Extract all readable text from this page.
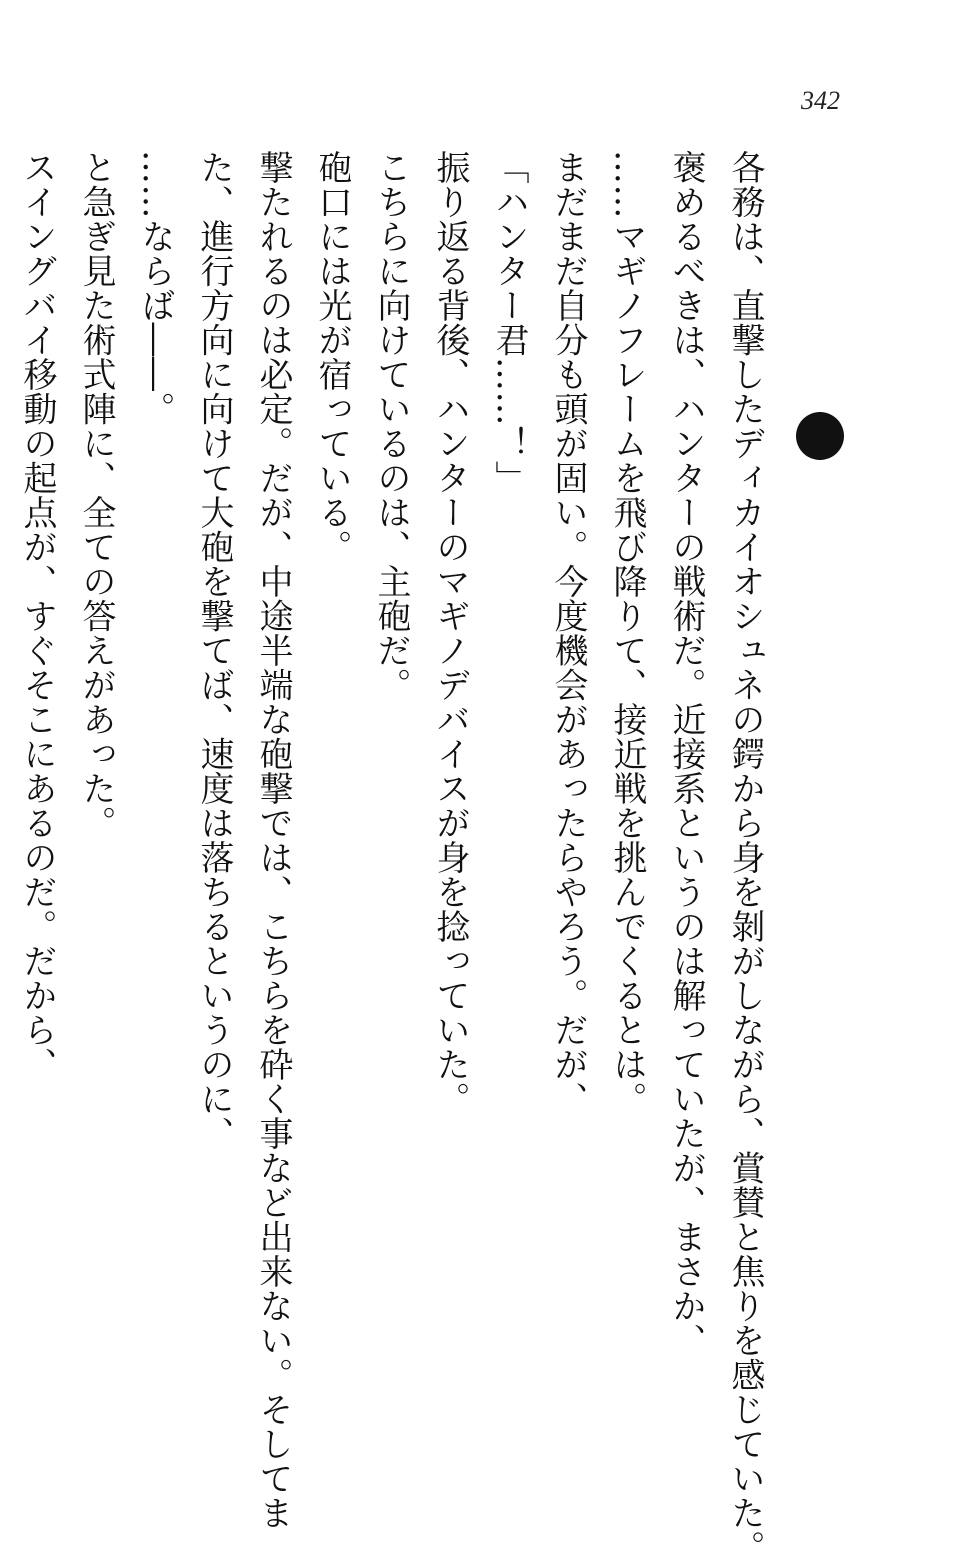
342
各務は、直撃したディカイオシュネの鍔から身を剝がしながら、賞賛と焦りを感じていた。
褒めるべきは、ハンターの戦術だ。近接系というのは解っていたが、まさか、
……マギノフレームを飛び降りて、接近戦を挑んでくるとは。
まだまだ自分も頭が固い。今度機会があったらやろう。だが、
「ハンター君……！」
振り返る背後、ハンターのマギノデバイスが身を捻っていた。
こちらに向けているのは、主砲だ。
砲口には光が宿っている。
撃たれるのは必定。だが、中途半端な砲撃では、こちらを砕く事など出来ない。そしてま
た、進行方向に向けて大砲を撃てば、速度は落ちるというのに、
……ならば――。
と急ぎ見た術式陣に、全ての答えがあった。
スイングバイ移動の起点が、すぐそこにあるのだ。だから、
